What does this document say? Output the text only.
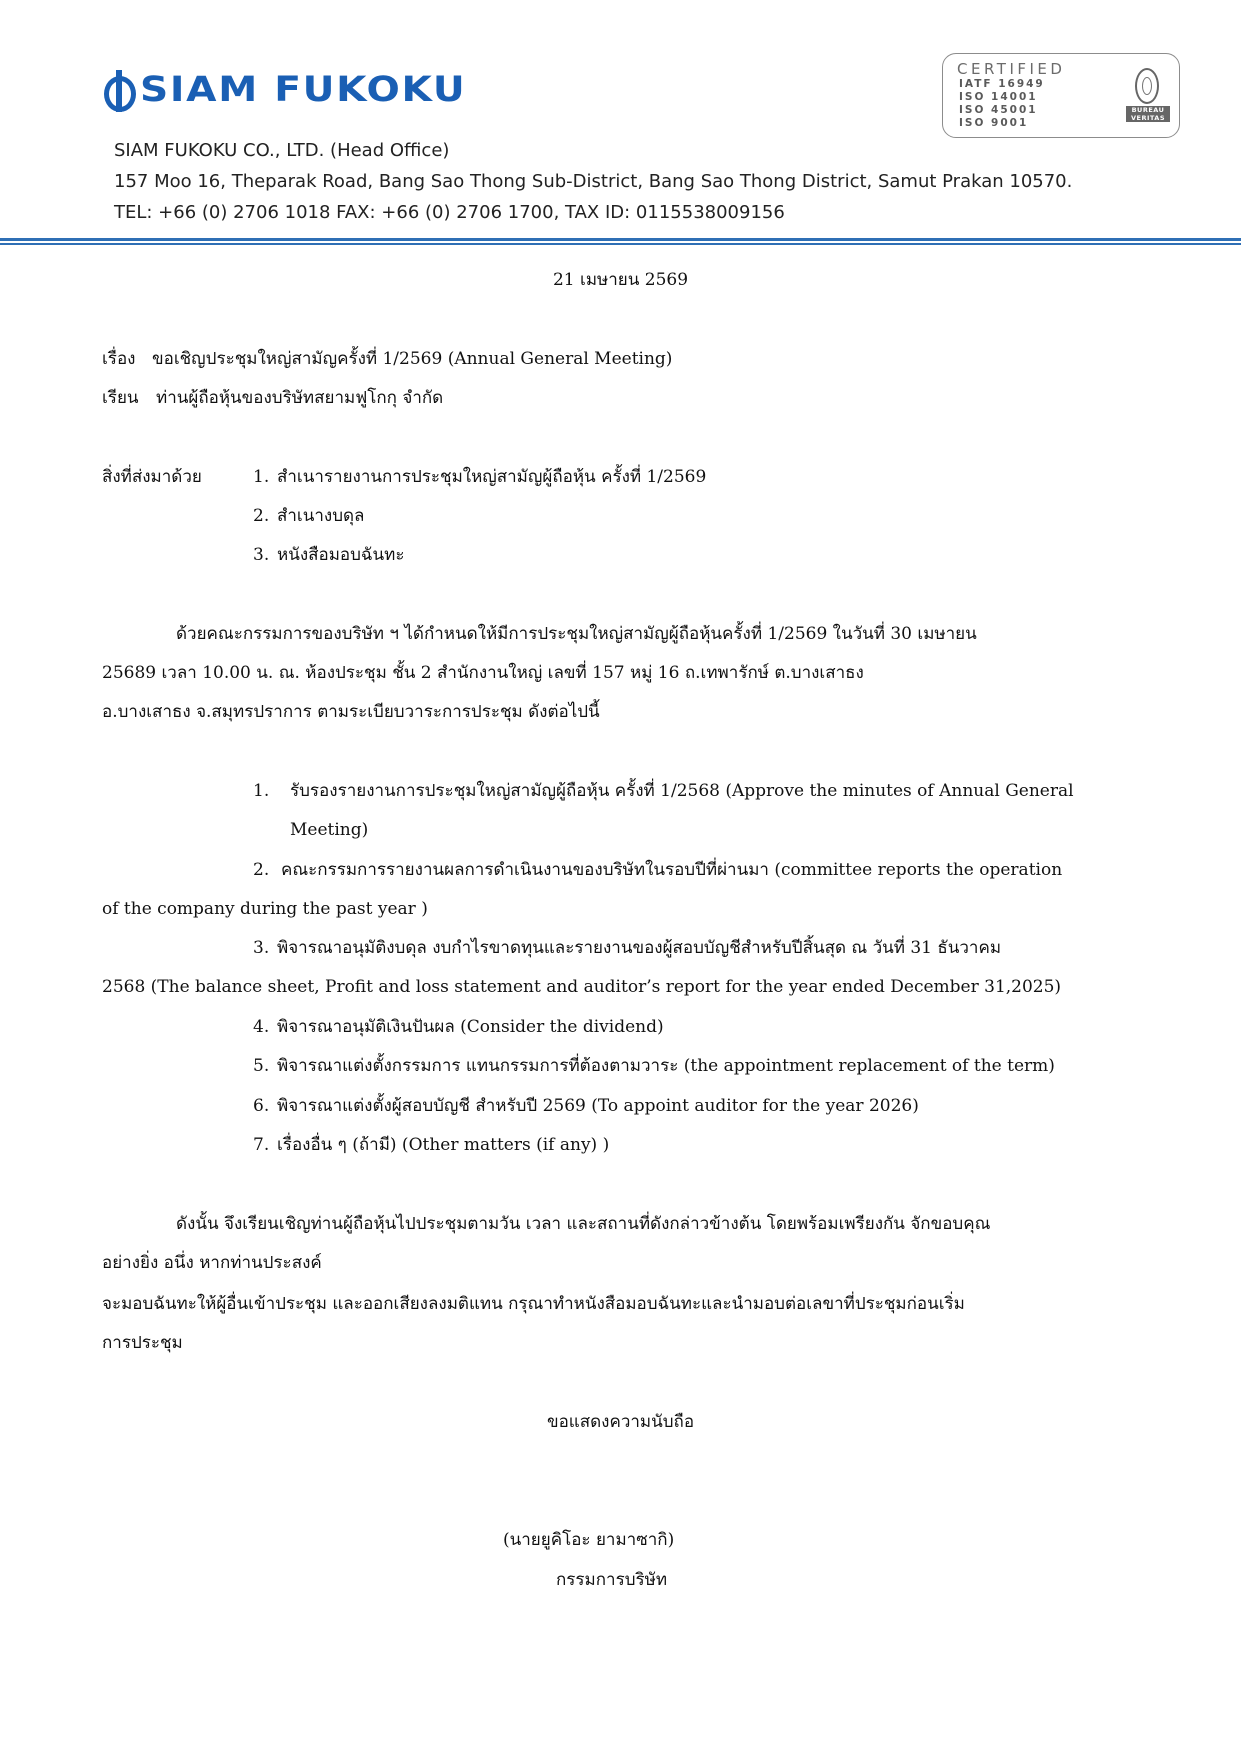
SIAM FUKOKU
CERTIFIED
IATF 16949
ISO 14001
ISO 45001
ISO 9001
BUREAU
VERITAS
SIAM FUKOKU CO., LTD. (Head Office)
157 Moo 16, Theparak Road, Bang Sao Thong Sub-District, Bang Sao Thong District, Samut Prakan 10570.
TEL: +66 (0) 2706 1018 FAX: +66 (0) 2706 1700, TAX ID: 0115538009156
21 เมษายน 2569
เรื่อง ขอเชิญประชุมใหญ่สามัญครั้งที่ 1/2569 (Annual General Meeting)
เรียน ท่านผู้ถือหุ้นของบริษัทสยามฟูโกกุ จำกัด
สิ่งที่ส่งมาด้วย	1. สำเนารายงานการประชุมใหญ่สามัญผู้ถือหุ้น ครั้งที่ 1/2569
2. สำเนางบดุล
3. หนังสือมอบฉันทะ
ด้วยคณะกรรมการของบริษัท ฯ ได้กำหนดให้มีการประชุมใหญ่สามัญผู้ถือหุ้นครั้งที่ 1/2569 ในวันที่ 30 เมษายน
25689 เวลา 10.00 น. ณ. ห้องประชุม ชั้น 2 สำนักงานใหญ่ เลขที่ 157 หมู่ 16 ถ.เทพารักษ์ ต.บางเสาธง
อ.บางเสาธง จ.สมุทรปราการ ตามระเบียบวาระการประชุม ดังต่อไปนี้
1. รับรองรายงานการประชุมใหญ่สามัญผู้ถือหุ้น ครั้งที่ 1/2568 (Approve the minutes of Annual General
Meeting)
2. คณะกรรมการรายงานผลการดำเนินงานของบริษัทในรอบปีที่ผ่านมา (committee reports the operation
of the company during the past year )
3. พิจารณาอนุมัติงบดุล งบกำไรขาดทุนและรายงานของผู้สอบบัญชีสำหรับปีสิ้นสุด ณ วันที่ 31 ธันวาคม
2568 (The balance sheet, Profit and loss statement and auditor’s report for the year ended December 31,2025)
4. พิจารณาอนุมัติเงินปันผล (Consider the dividend)
5. พิจารณาแต่งตั้งกรรมการ แทนกรรมการที่ต้องตามวาระ (the appointment replacement of the term)
6. พิจารณาแต่งตั้งผู้สอบบัญชี สำหรับปี 2569 (To appoint auditor for the year 2026)
7. เรื่องอื่น ๆ (ถ้ามี) (Other matters (if any) )
ดังนั้น จึงเรียนเชิญท่านผู้ถือหุ้นไปประชุมตามวัน เวลา และสถานที่ดังกล่าวข้างต้น โดยพร้อมเพรียงกัน จักขอบคุณ
อย่างยิ่ง อนึ่ง หากท่านประสงค์
จะมอบฉันทะให้ผู้อื่นเข้าประชุม และออกเสียงลงมติแทน กรุณาทำหนังสือมอบฉันทะและนำมอบต่อเลขาที่ประชุมก่อนเริ่ม
การประชุม
ขอแสดงความนับถือ
(นายยูคิโอะ ยามาซากิ)
กรรมการบริษัท
